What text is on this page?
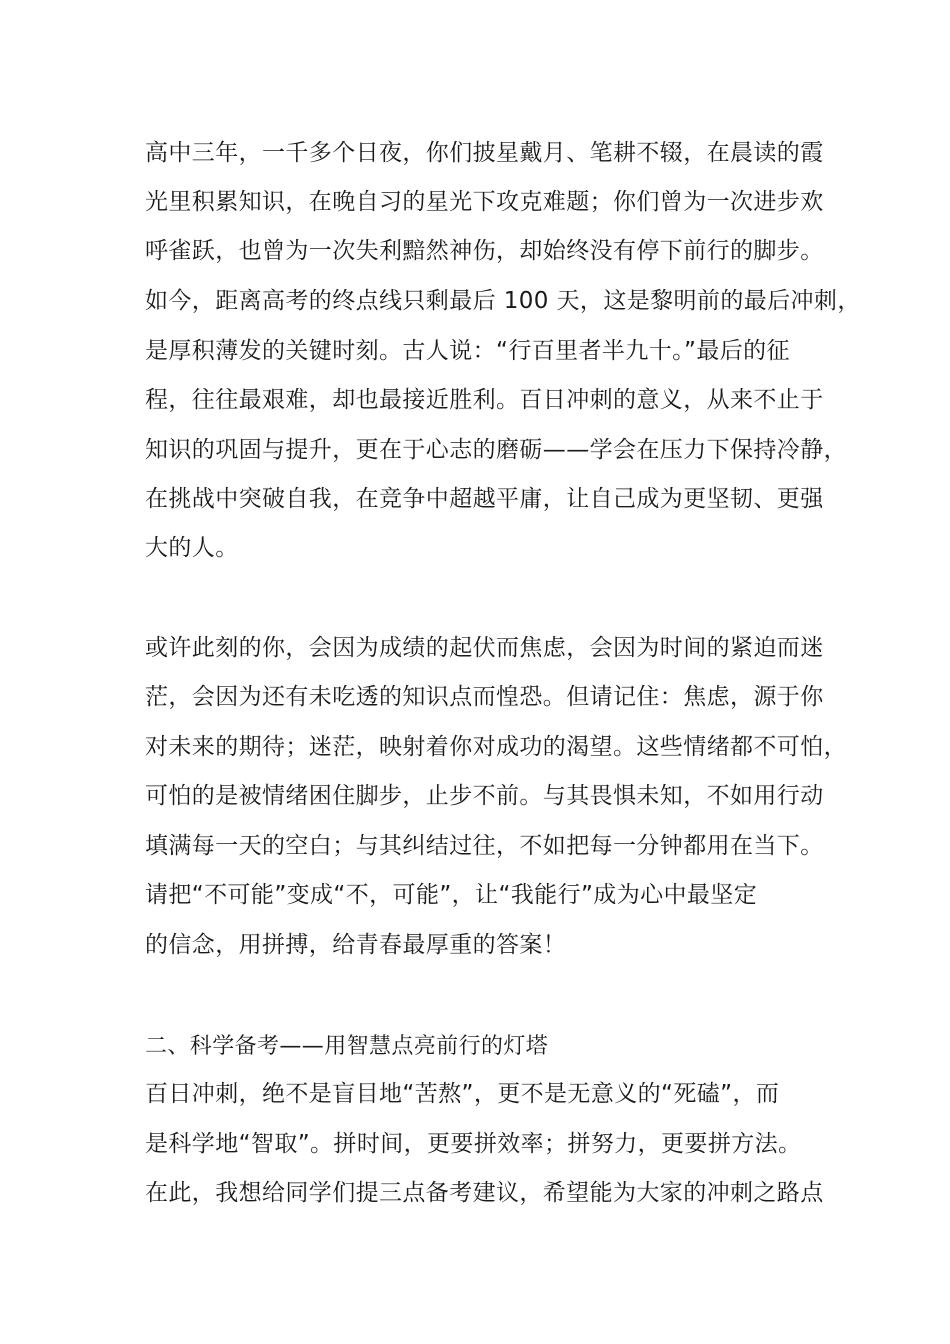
高中三年，一千多个日夜，你们披星戴月、笔耕不辍，在晨读的霞
光里积累知识，在晚自习的星光下攻克难题；你们曾为一次进步欢
呼雀跃，也曾为一次失利黯然神伤，却始终没有停下前行的脚步。
如今，距离高考的终点线只剩最后 100 天，这是黎明前的最后冲刺，
是厚积薄发的关键时刻。古人说：“行百里者半九十。”最后的征
程，往往最艰难，却也最接近胜利。百日冲刺的意义，从来不止于
知识的巩固与提升，更在于心志的磨砺——学会在压力下保持冷静，
在挑战中突破自我，在竞争中超越平庸，让自己成为更坚韧、更强
大的人。
或许此刻的你，会因为成绩的起伏而焦虑，会因为时间的紧迫而迷
茫，会因为还有未吃透的知识点而惶恐。但请记住：焦虑，源于你
对未来的期待；迷茫，映射着你对成功的渴望。这些情绪都不可怕，
可怕的是被情绪困住脚步，止步不前。与其畏惧未知，不如用行动
填满每一天的空白；与其纠结过往，不如把每一分钟都用在当下。
请把“不可能”变成“不，可能”，让“我能行”成为心中最坚定
的信念，用拼搏，给青春最厚重的答案！
二、科学备考——用智慧点亮前行的灯塔
百日冲刺，绝不是盲目地“苦熬”，更不是无意义的“死磕”，而
是科学地“智取”。拼时间，更要拼效率；拼努力，更要拼方法。
在此，我想给同学们提三点备考建议，希望能为大家的冲刺之路点
